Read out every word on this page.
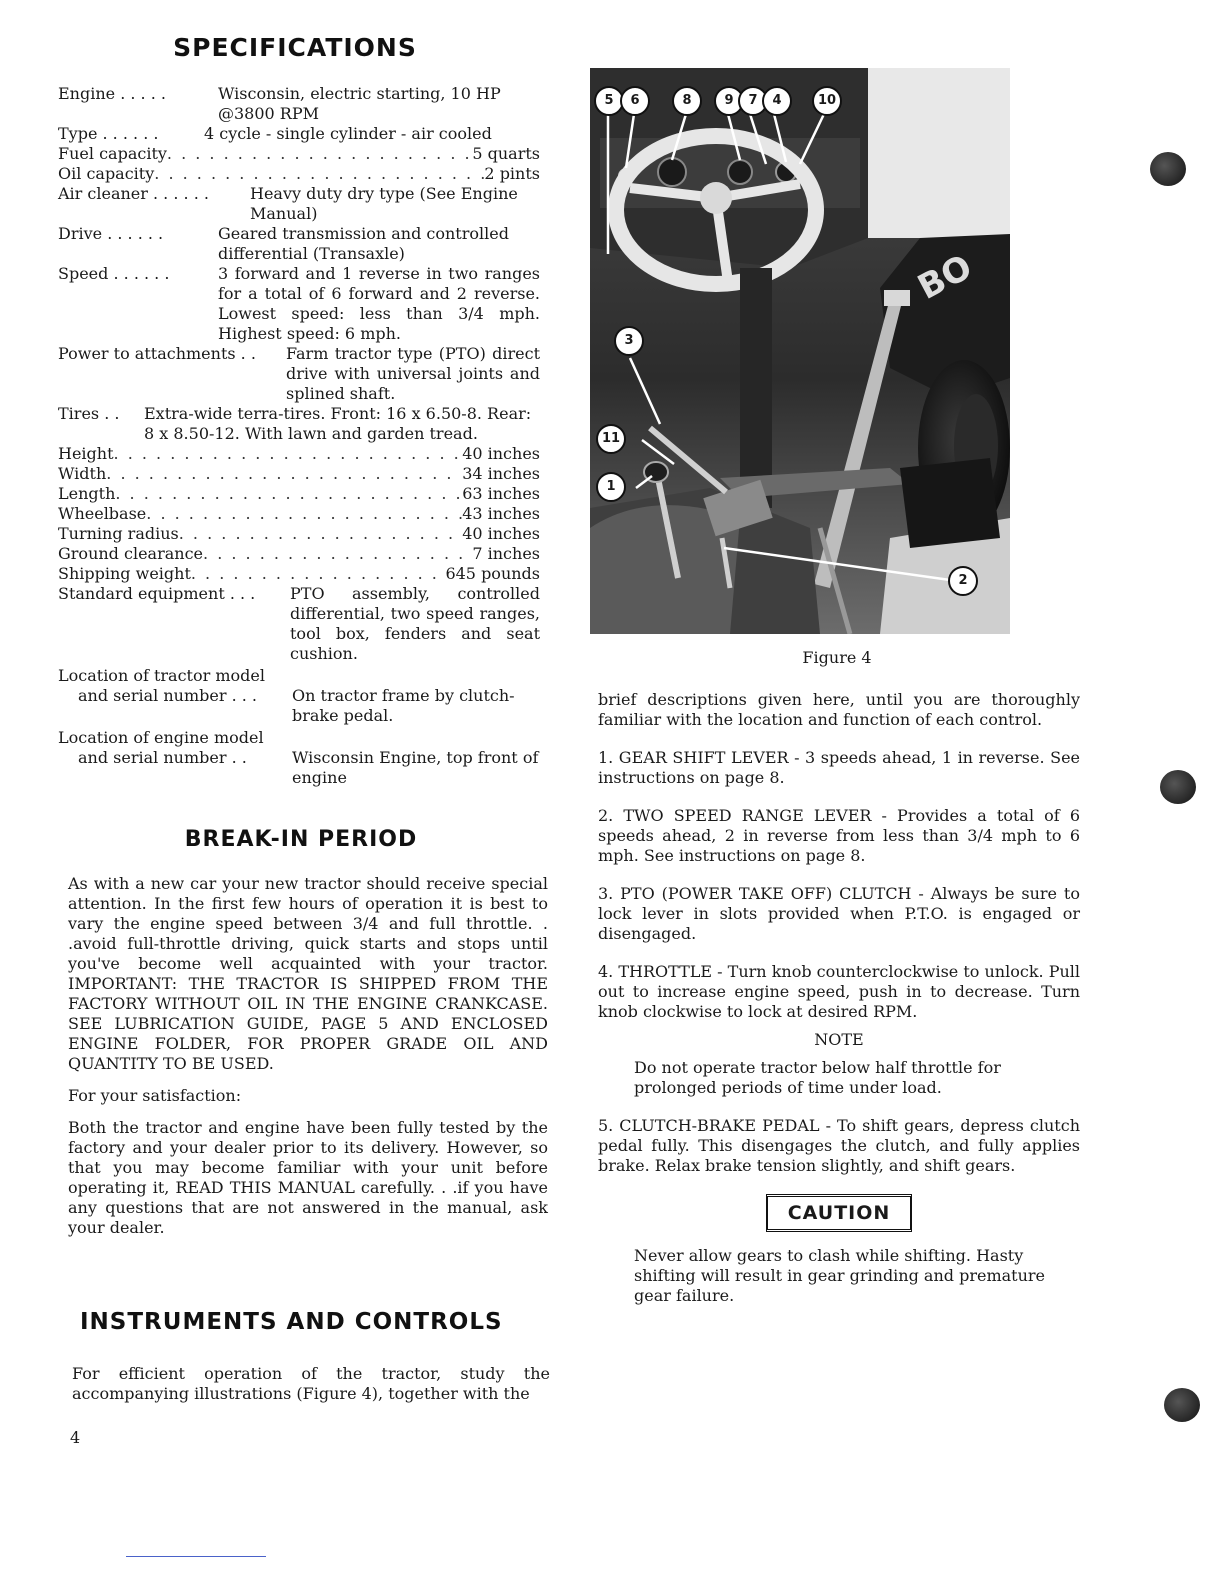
SPECIFICATIONS
Engine . . . . .	Wisconsin, electric starting, 10 HP @3800 RPM
Type . . . . . .	4 cycle - single cylinder - air cooled
Fuel capacity . . .	5 quarts
Oil capacity . . .	2 pints
Air cleaner . . . . . .	Heavy duty dry type (See Engine Manual)
Drive . . . . . .	Geared transmission and controlled differential (Transaxle)
Speed . . . . . .	3 forward and 1 reverse in two ranges for a total of 6 forward and 2 reverse. Lowest speed: less than 3/4 mph. Highest speed: 6 mph.
Power to attachments . .	Farm tractor type (PTO) direct drive with universal joints and splined shaft.
Tires . .	Extra-wide terra-tires. Front: 16 x 6.50-8. Rear: 8 x 8.50-12. With lawn and garden tread.
Height . . .	40 inches
Width . . .	34 inches
Length . . .	63 inches
Wheelbase . . .	43 inches
Turning radius . . .	40 inches
Ground clearance . . .	7 inches
Shipping weight . . .	645 pounds
Standard equipment . . .	PTO assembly, controlled differential, two speed ranges, tool box, fenders and seat cushion.
Location of tractor model
and serial number . . .	On tractor frame by clutch-brake pedal.
Location of engine model
and serial number . .	Wisconsin Engine, top front of engine
BREAK-IN PERIOD

As with a new car your new tractor should receive special attention. In the first few hours of operation it is best to vary the engine speed between 3/4 and full throttle. . .avoid full-throttle driving, quick starts and stops until you've become well acquainted with your tractor. IMPORTANT: THE TRACTOR IS SHIPPED FROM THE FACTORY WITHOUT OIL IN THE ENGINE CRANKCASE. SEE LUBRICATION GUIDE, PAGE 5 AND ENCLOSED ENGINE FOLDER, FOR PROPER GRADE OIL AND QUANTITY TO BE USED.

For your satisfaction:

Both the tractor and engine have been fully tested by the factory and your dealer prior to its delivery. However, so that you may become familiar with your unit before operating it, READ THIS MANUAL carefully. . .if you have any questions that are not answered in the manual, ask your dealer.

INSTRUMENTS AND CONTROLS

For efficient operation of the tractor, study the accompanying illustrations (Figure 4), together with the

4
BO
5	6	8	9	7	4	10
3
11
1
2
Figure 4

brief descriptions given here, until you are thoroughly familiar with the location and function of each control.

1. GEAR SHIFT LEVER - 3 speeds ahead, 1 in reverse. See instructions on page 8.

2. TWO SPEED RANGE LEVER - Provides a total of 6 speeds ahead, 2 in reverse from less than 3/4 mph to 6 mph. See instructions on page 8.

3. PTO (POWER TAKE OFF) CLUTCH - Always be sure to lock lever in slots provided when P.T.O. is engaged or disengaged.

4. THROTTLE - Turn knob counterclockwise to unlock. Pull out to increase engine speed, push in to decrease. Turn knob clockwise to lock at desired RPM.

NOTE

Do not operate tractor below half throttle for prolonged periods of time under load.

5. CLUTCH-BRAKE PEDAL - To shift gears, depress clutch pedal fully. This disengages the clutch, and fully applies brake. Relax brake tension slightly, and shift gears.

CAUTION

Never allow gears to clash while shifting. Hasty shifting will result in gear grinding and premature gear failure.
